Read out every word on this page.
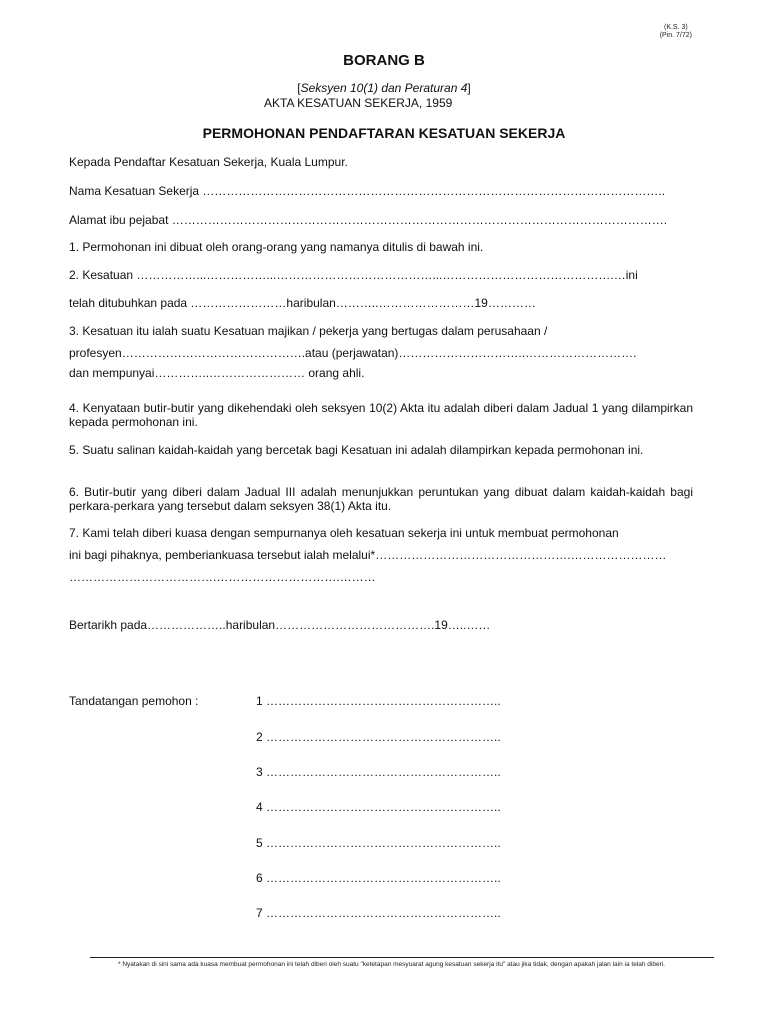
(K.S. 3)
(Pin. 7/72)
BORANG B
[Seksyen 10(1) dan Peraturan 4]
AKTA KESATUAN SEKERJA, 1959
PERMOHONAN PENDAFTARAN KESATUAN SEKERJA
Kepada Pendaftar Kesatuan Sekerja, Kuala Lumpur.
Nama Kesatuan Sekerja ……………………………………………………………………………………………………..
Alamat ibu pejabat …………………………………………………………………………………………………………….
1. Permohonan ini dibuat oleh orang-orang yang namanya ditulis di bawah ini.
2. Kesatuan ……………...……………...…………………………………...…………………………………….…ini
telah ditubuhkan pada ……………………haribulan………..……………………19…………
3. Kesatuan itu ialah suatu Kesatuan majikan / pekerja yang bertugas dalam perusahaan /
profesyen……………………………………….atau (perjawatan)…………………………..……………………….
dan mempunyai…………..…………………… orang ahli.
4. Kenyataan butir-butir yang dikehendaki oleh seksyen 10(2) Akta itu adalah diberi dalam Jadual 1 yang dilampirkan kepada permohonan ini.
5. Suatu salinan kaidah-kaidah yang bercetak bagi Kesatuan ini adalah dilampirkan kepada permohonan ini.
6. Butir-butir yang diberi dalam Jadual III adalah menunjukkan peruntukan yang dibuat dalam kaidah-kaidah bagi perkara-perkara yang tersebut dalam seksyen 38(1) Akta itu.
7. Kami telah diberi kuasa dengan sempurnanya oleh kesatuan sekerja ini untuk membuat permohonan
ini bagi pihaknya, pemberiankuasa tersebut ialah melalui*………………………………………….……………………
……………………………….………………………….………
Bertarikh pada………………..haribulan………………………………….19…..……
Tandatangan pemohon :	1 …………………………………………………..
2 …………………………………………………..
3 …………………………………………………..
4 …………………………………………………..
5 …………………………………………………..
6 …………………………………………………..
7 …………………………………………………..
* Nyatakan di sini sama ada kuasa membuat permohonan ini telah diberi oleh suatu "ketetapan mesyuarat agung kesatuan sekerja itu" atau jika tidak, dengan apakah jalan lain ia telah diberi.
